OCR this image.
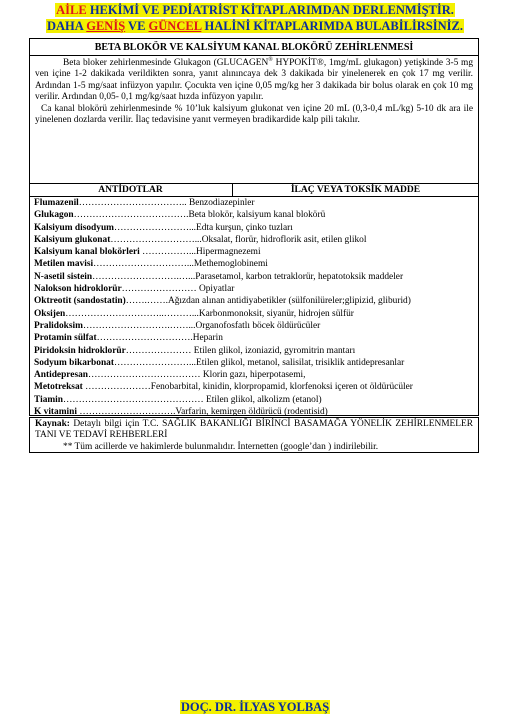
AİLE HEKİMİ VE PEDİATRİST KİTAPLARIMDAN DERLENMİŞTİR.
DAHA GENİŞ VE GÜNCEL HALİNİ KİTAPLARIMDA BULABİLİRSİNİZ.
BETA BLOKÖR VE KALSİYUM KANAL BLOKÖRÜ ZEHİRLENMESİ

Beta bloker zehirlenmesinde Glukagon (GLUCAGEN® HYPOKİT®, 1mg/mL glukagon) yetişkinde 3-5 mg ven içine 1-2 dakikada verildikten sonra, yanıt alınıncaya dek 3 dakikada bir yinelenerek en çok 17 mg verilir. Ardından 1-5 mg/saat infüzyon yapılır. Çocukta ven içine 0,05 mg/kg her 3 dakikada bir bolus olarak en çok 10 mg verilir. Ardından 0,05- 0,1 mg/kg/saat hızda infüzyon yapılır.

Ca kanal blokörü zehirlenmesinde % 10’luk kalsiyum glukonat ven içine 20 mL (0,3-0,4 mL/kg) 5-10 dk ara ile yinelenen dozlarda verilir. İlaç tedavisine yanıt vermeyen bradikardide kalp pili takılır.

ANTİDOTLAR	İLAÇ VEYA TOKSİK MADDE
Flumazenil…………………………….. Benzodiazepinler
Glukagon……………………………….Beta blokör, kalsiyum kanal blokörü
Kalsiyum disodyum……………………...Edta kurşun, çinko tuzları
Kalsiyum glukonat………………………...Oksalat, florür, hidroflorik asit, etilen glikol
Kalsiyum kanal blokörleri ……………...Hipermagnezemi
Metilen mavisi…………………………...Methemoglobinemi
N-asetil sistein……………………….…...Parasetamol, karbon tetraklorür, hepatotoksik maddeler
Nalokson hidroklorür…………………… Opiyatlar
Oktreotit (sandostatin)…….…….Ağızdan alınan antidiyabetikler (sülfonilüreler;glipizid, gliburid)
Oksijen…………………………..………...Karbonmonoksit, siyanür, hidrojen sülfür
Pralidoksim……………………….……...Organofosfatlı böcek öldürücüler
Protamin sülfat………………………….Heparin
Piridoksin hidroklorür………………… Etilen glikol, izoniazid, gyromitrin mantarı
Sodyum bikarbonat……………………...Etilen glikol, metanol, salisilat, trisiklik antidepresanlar
Antidepresan……………………………… Klorin gazı, hiperpotasemi,
Metotreksat …………………Fenobarbital, kinidin, klorpropamid, klorfenoksi içeren ot öldürücüler
Tiamin……………………………………… Etilen glikol, alkolizm (etanol)
K vitamini ………………………….Varfarin, kemirgen öldürücü (rodentisid)
Kaynak: Detaylı bilgi için T.C. SAĞLIK BAKANLIĞI BİRİNCİ BASAMAĞA YÖNELİK ZEHİRLENMELER TANI VE TEDAVİ REHBERLERİ

** Tüm acillerde ve hakimlerde bulunmalıdır. İnternetten (google’dan ) indirilebilir.

DOÇ. DR. İLYAS YOLBAŞ
